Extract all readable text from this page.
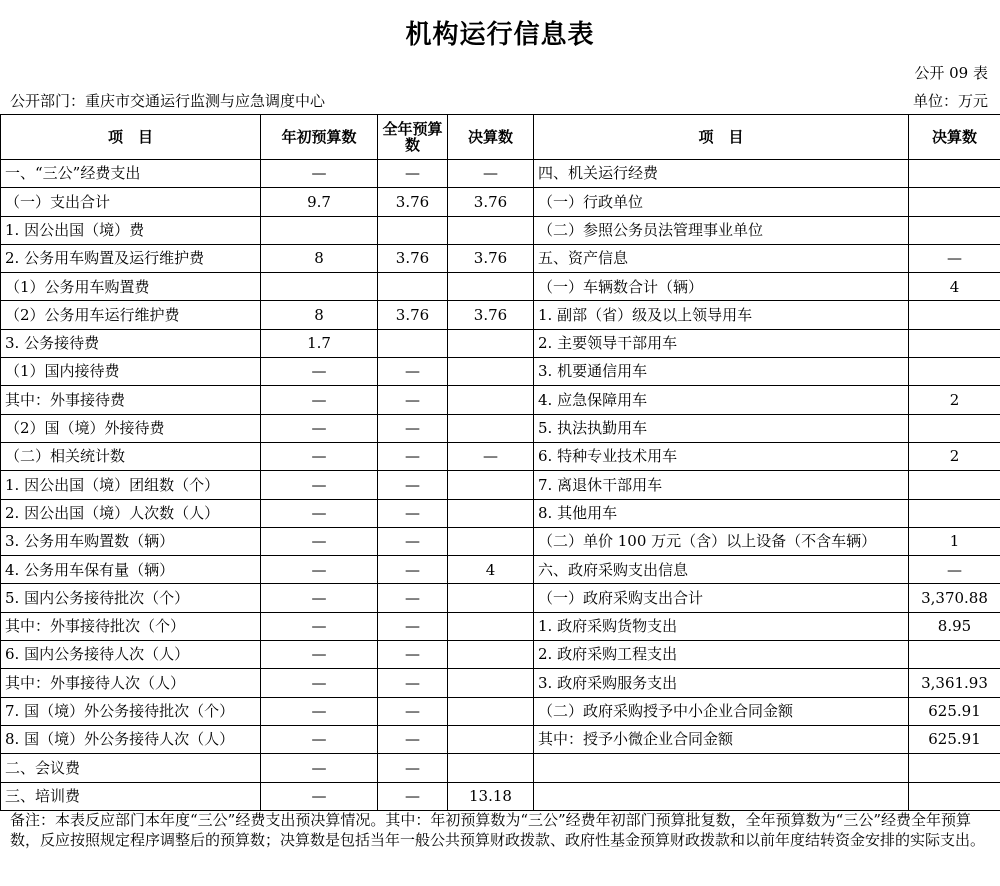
机构运行信息表
公开 09 表
公开部门：重庆市交通运行监测与应急调度中心	单位：万元
项　目	年初预算数	全年预算数	决算数	项　目	决算数
一、“三公”经费支出	—	—	—	四、机关运行经费	
（一）支出合计	9.7	3.76	3.76	（一）行政单位	
1. 因公出国（境）费				（二）参照公务员法管理事业单位	
2. 公务用车购置及运行维护费	8	3.76	3.76	五、资产信息	—
（1）公务用车购置费				（一）车辆数合计（辆）	4
（2）公务用车运行维护费	8	3.76	3.76	1. 副部（省）级及以上领导用车	
3. 公务接待费	1.7			2. 主要领导干部用车	
（1）国内接待费	—	—		3. 机要通信用车	
其中：外事接待费	—	—		4. 应急保障用车	2
（2）国（境）外接待费	—	—		5. 执法执勤用车	
（二）相关统计数	—	—	—	6. 特种专业技术用车	2
1. 因公出国（境）团组数（个）	—	—		7. 离退休干部用车	
2. 因公出国（境）人次数（人）	—	—		8. 其他用车	
3. 公务用车购置数（辆）	—	—		（二）单价 100 万元（含）以上设备（不含车辆）	1
4. 公务用车保有量（辆）	—	—	4	六、政府采购支出信息	—
5. 国内公务接待批次（个）	—	—		（一）政府采购支出合计	3,370.88
其中：外事接待批次（个）	—	—		1. 政府采购货物支出	8.95
6. 国内公务接待人次（人）	—	—		2. 政府采购工程支出	
其中：外事接待人次（人）	—	—		3. 政府采购服务支出	3,361.93
7. 国（境）外公务接待批次（个）	—	—		（二）政府采购授予中小企业合同金额	625.91
8. 国（境）外公务接待人次（人）	—	—		其中：授予小微企业合同金额	625.91
二、会议费	—	—			
三、培训费	—	—	13.18		
备注：本表反应部门本年度“三公”经费支出预决算情况。其中：年初预算数为“三公”经费年初部门预算批复数，全年预算数为“三公”经费全年预算数，反应按照规定程序调整后的预算数；决算数是包括当年一般公共预算财政拨款、政府性基金预算财政拨款和以前年度结转资金安排的实际支出。
